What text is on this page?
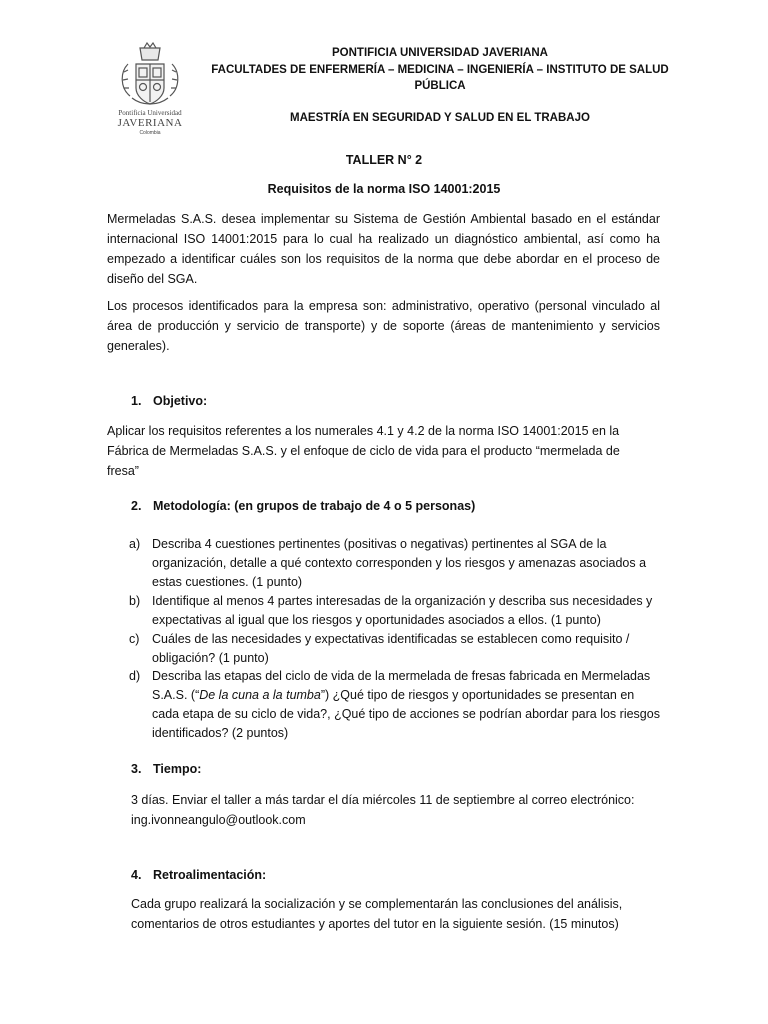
Pontificia Universidad
JAVERIANA
Colombia
PONTIFICIA UNIVERSIDAD JAVERIANA
FACULTADES DE ENFERMERÍA – MEDICINA – INGENIERÍA – INSTITUTO DE SALUD
PÚBLICA
MAESTRÍA EN SEGURIDAD Y SALUD EN EL TRABAJO
TALLER N° 2
Requisitos de la norma ISO 14001:2015
Mermeladas S.A.S. desea implementar su Sistema de Gestión Ambiental basado en el estándar internacional ISO 14001:2015 para lo cual ha realizado un diagnóstico ambiental, así como ha empezado a identificar cuáles son los requisitos de la norma que debe abordar en el proceso de diseño del SGA.
Los procesos identificados para la empresa son: administrativo, operativo (personal vinculado al área de producción y servicio de transporte) y de soporte (áreas de mantenimiento y servicios generales).
1. Objetivo:
Aplicar los requisitos referentes a los numerales 4.1 y 4.2 de la norma ISO 14001:2015 en la Fábrica de Mermeladas S.A.S. y el enfoque de ciclo de vida para el producto “mermelada de fresa”
2. Metodología: (en grupos de trabajo de 4 o 5 personas)
a) Describa 4 cuestiones pertinentes (positivas o negativas) pertinentes al SGA de la organización, detalle a qué contexto corresponden y los riesgos y amenazas asociados a estas cuestiones. (1 punto)
b) Identifique al menos 4 partes interesadas de la organización y describa sus necesidades y expectativas al igual que los riesgos y oportunidades asociados a ellos. (1 punto)
c) Cuáles de las necesidades y expectativas identificadas se establecen como requisito / obligación? (1 punto)
d) Describa las etapas del ciclo de vida de la mermelada de fresas fabricada en Mermeladas S.A.S. (“De la cuna a la tumba”) ¿Qué tipo de riesgos y oportunidades se presentan en cada etapa de su ciclo de vida?, ¿Qué tipo de acciones se podrían abordar para los riesgos identificados? (2 puntos)
3. Tiempo:
3 días. Enviar el taller a más tardar el día miércoles 11 de septiembre al correo electrónico: ing.ivonneangulo@outlook.com
4. Retroalimentación:
Cada grupo realizará la socialización y se complementarán las conclusiones del análisis, comentarios de otros estudiantes y aportes del tutor en la siguiente sesión. (15 minutos)
